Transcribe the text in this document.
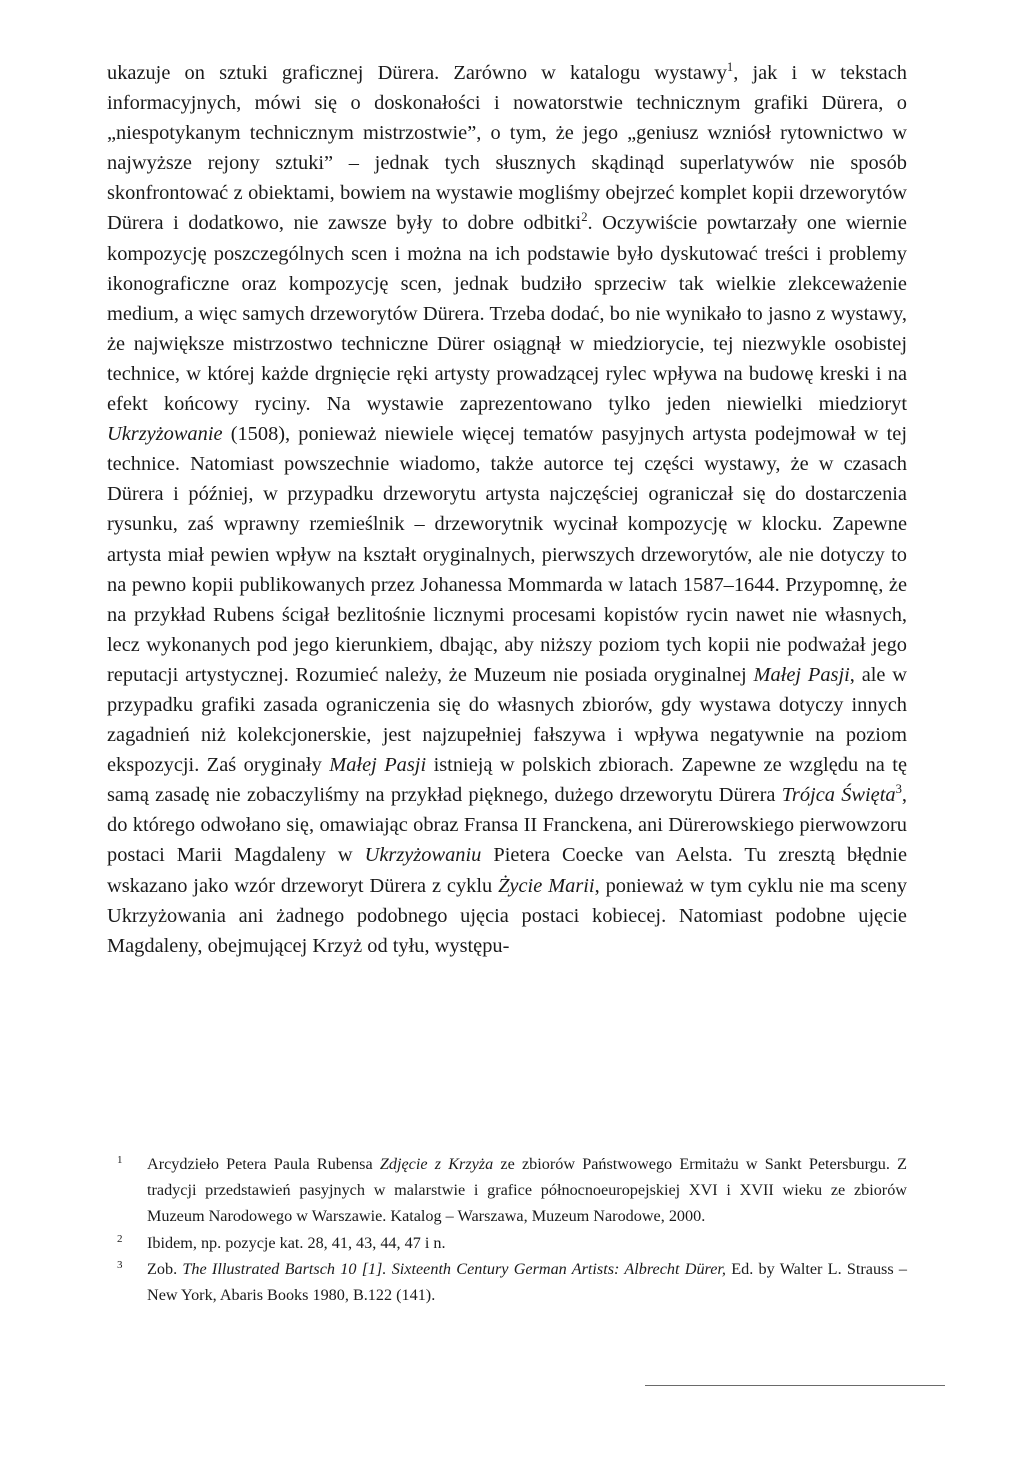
ukazuje on sztuki graficznej Dürera. Zarówno w katalogu wystawy$^1$, jak i w tekstach informacyjnych, mówi się o doskonałości i nowatorstwie technicznym grafiki Dürera, o „niespotykanym technicznym mistrzostwie”, o tym, że jego „geniusz wzniósł rytownictwo w najwyższe rejony sztuki” – jednak tych słusznych skądinąd superlatywów nie sposób skonfrontować z obiektami, bowiem na wystawie mogliśmy obejrzeć komplet kopii drzeworytów Dürera i dodatkowo, nie zawsze były to dobre odbitki$^2$. Oczywiście powtarzały one wiernie kompozycję poszczególnych scen i można na ich podstawie było dyskutować treści i problemy ikonograficzne oraz kompozycję scen, jednak budziło sprzeciw tak wielkie zlekceważenie medium, a więc samych drzeworytów Dürera. Trzeba dodać, bo nie wynikało to jasno z wystawy, że największe mistrzostwo techniczne Dürer osiągnął w miedziorycie, tej niezwykle osobistej technice, w której każde drgnięcie ręki artysty prowadzącej rylec wpływa na budowę kreski i na efekt końcowy ryciny. Na wystawie zaprezentowano tylko jeden niewielki miedzioryt Ukrzyżowanie (1508), ponieważ niewiele więcej tematów pasyjnych artysta podejmował w tej technice. Natomiast powszechnie wiadomo, także autorce tej części wystawy, że w czasach Dürera i później, w przypadku drzeworytu artysta najczęściej ograniczał się do dostarczenia rysunku, zaś wprawny rzemieślnik – drzeworytnik wycinał kompozycję w klocku. Zapewne artysta miał pewien wpływ na kształt oryginalnych, pierwszych drzeworytów, ale nie dotyczy to na pewno kopii publikowanych przez Johanessa Mommarda w latach 1587–1644. Przypomnę, że na przykład Rubens ścigał bezlitośnie licznymi procesami kopistów rycin nawet nie własnych, lecz wykonanych pod jego kierunkiem, dbając, aby niższy poziom tych kopii nie podważał jego reputacji artystycznej. Rozumieć należy, że Muzeum nie posiada oryginalnej Małej Pasji, ale w przypadku grafiki zasada ograniczenia się do własnych zbiorów, gdy wystawa dotyczy innych zagadnień niż kolekcjonerskie, jest najzupełniej fałszywa i wpływa negatywnie na poziom ekspozycji. Zaś oryginały Małej Pasji istnieją w polskich zbiorach. Zapewne ze względu na tę samą zasadę nie zobaczyliśmy na przykład pięknego, dużego drzeworytu Dürera Trójca Święta$^3$, do którego odwołano się, omawiając obraz Fransa II Franckena, ani Dürerowskiego pierwowzoru postaci Marii Magdaleny w Ukrzyżowaniu Pietera Coecke van Aelsta. Tu zresztą błędnie wskazano jako wzór drzeworyt Dürera z cyklu Życie Marii, ponieważ w tym cyklu nie ma sceny Ukrzyżowania ani żadnego podobnego ujęcia postaci kobiecej. Natomiast podobne ujęcie Magdaleny, obejmującej Krzyż od tyłu, występu-

1 Arcydzieło Petera Paula Rubensa Zdjęcie z Krzyża ze zbiorów Państwowego Ermitażu w Sankt Petersburgu. Z tradycji przedstawień pasyjnych w malarstwie i grafice północnoeuropejskiej XVI i XVII wieku ze zbiorów Muzeum Narodowego w Warszawie. Katalog – Warszawa, Muzeum Narodowe, 2000.
2 Ibidem, np. pozycje kat. 28, 41, 43, 44, 47 i n.
3 Zob. The Illustrated Bartsch 10 [1]. Sixteenth Century German Artists: Albrecht Dürer, Ed. by Walter L. Strauss – New York, Abaris Books 1980, B.122 (141).
